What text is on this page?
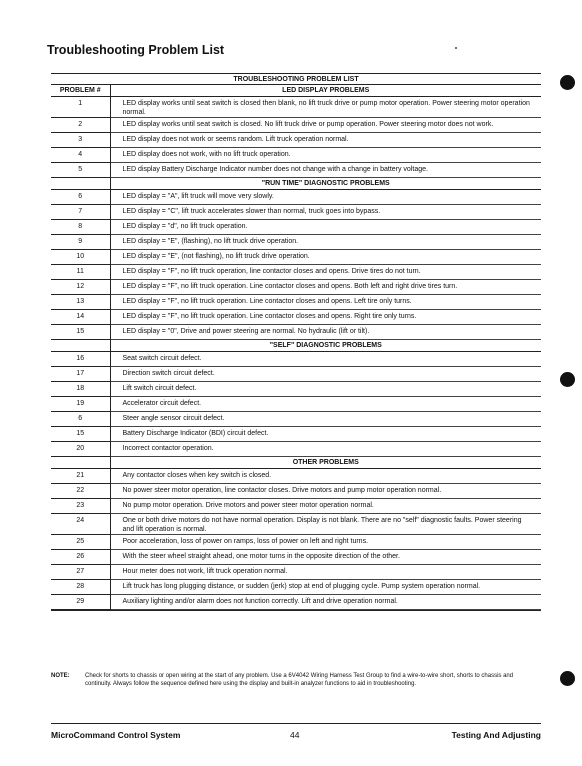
Troubleshooting Problem List
TROUBLESHOOTING PROBLEM LIST	
PROBLEM #	LED DISPLAY PROBLEMS
1	LED display works until seat switch is closed then blank, no lift truck drive or pump motor operation. Power steering motor operation normal.
2	LED display works until seat switch is closed. No lift truck drive or pump operation. Power steering motor does not work.
3	LED display does not work or seems random. Lift truck operation normal.
4	LED display does not work, with no lift truck operation.
5	LED display Battery Discharge Indicator number does not change with a change in battery voltage.
	"RUN TIME" DIAGNOSTIC PROBLEMS
6	LED display = "A", lift truck will move very slowly.
7	LED display = "C", lift truck accelerates slower than normal, truck goes into bypass.
8	LED display = "d", no lift truck operation.
9	LED display = "E", (flashing), no lift truck drive operation.
10	LED display = "E", (not flashing), no lift truck drive operation.
11	LED display = "F", no lift truck operation, line contactor closes and opens. Drive tires do not turn.
12	LED display = "F", no lift truck operation. Line contactor closes and opens. Both left and right drive tires turn.
13	LED display = "F", no lift truck operation. Line contactor closes and opens. Left tire only turns.
14	LED display = "F", no lift truck operation. Line contactor closes and opens. Right tire only turns.
15	LED display = "0", Drive and power steering are normal. No hydraulic (lift or tilt).
	"SELF" DIAGNOSTIC PROBLEMS
16	Seat switch circuit defect.
17	Direction switch circuit defect.
18	Lift switch circuit defect.
19	Accelerator circuit defect.
6	Steer angle sensor circuit defect.
15	Battery Discharge Indicator (BDI) circuit defect.
20	Incorrect contactor operation.
	OTHER PROBLEMS
21	Any contactor closes when key switch is closed.
22	No power steer motor operation, line contactor closes. Drive motors and pump motor operation normal.
23	No pump motor operation. Drive motors and power steer motor operation normal.
24	One or both drive motors do not have normal operation. Display is not blank. There are no "self" diagnostic faults. Power steering and lift operation is normal.
25	Poor acceleration, loss of power on ramps, loss of power on left and right turns.
26	With the steer wheel straight ahead, one motor turns in the opposite direction of the other.
27	Hour meter does not work, lift truck operation normal.
28	Lift truck has long plugging distance, or sudden (jerk) stop at end of plugging cycle. Pump system operation normal.
29	Auxiliary lighting and/or alarm does not function correctly. Lift and drive operation normal.
NOTE:	Check for shorts to chassis or open wiring at the start of any problem. Use a 6V4042 Wiring Harness Test Group to find a wire-to-wire short, shorts to chassis and continuity. Always follow the sequence defined here using the display and built-in analyzer functions to aid in troubleshooting.
MicroCommand Control System	44	Testing And Adjusting
